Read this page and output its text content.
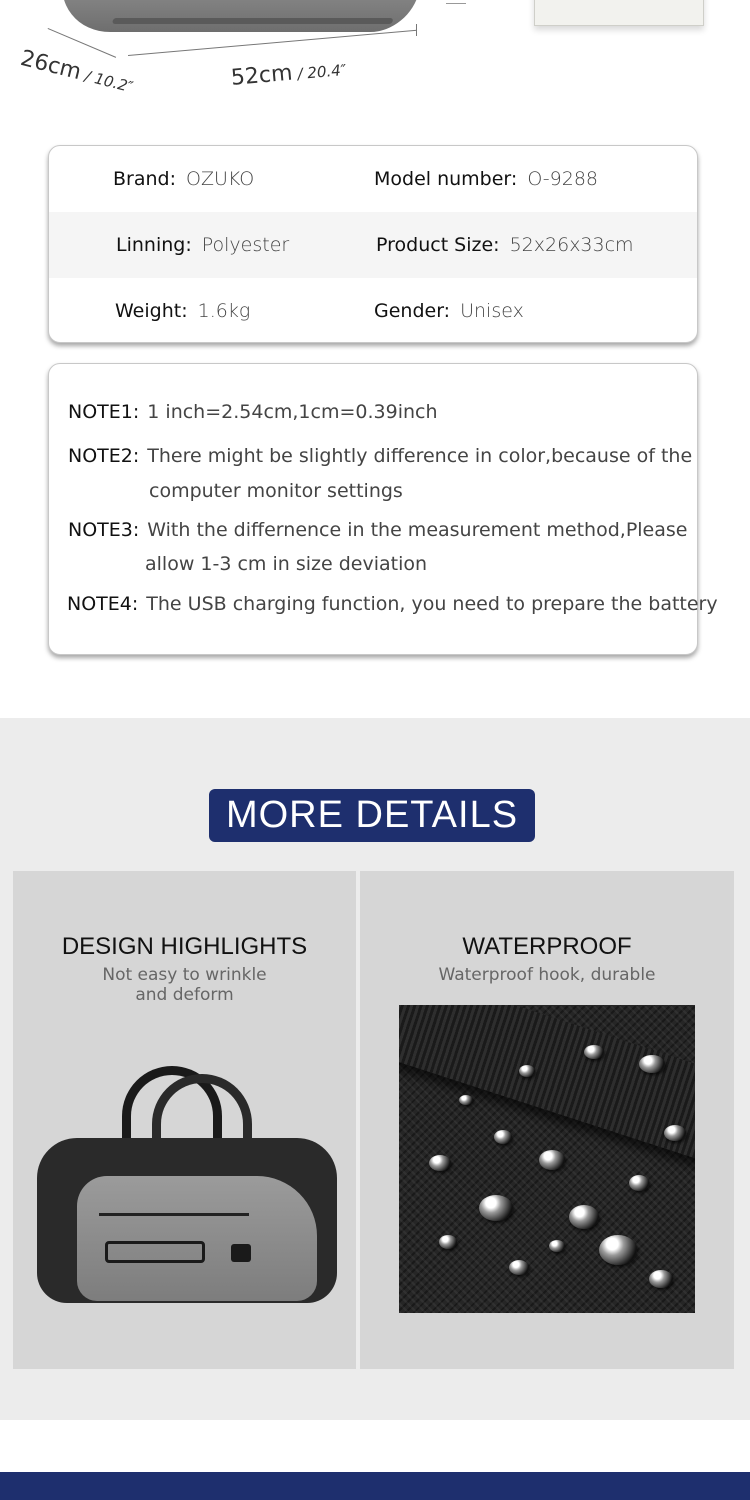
26cm / 10.2″	52cm / 20.4″
Brand: OZUKO	Model number: O-9288
Linning: Polyester	Product Size: 52x26x33cm
Weight: 1.6kg	Gender: Unisex
NOTE1: 1 inch=2.54cm,1cm=0.39inch
NOTE2: There might be slightly difference in color,because of the
computer monitor settings
NOTE3: With the differnence in the measurement method,Please
allow 1-3 cm in size deviation
NOTE4: The USB charging function, you need to prepare the battery
MORE DETAILS
DESIGN HIGHLIGHTS
Not easy to wrinkle
and deform
WATERPROOF
Waterproof hook, durable
